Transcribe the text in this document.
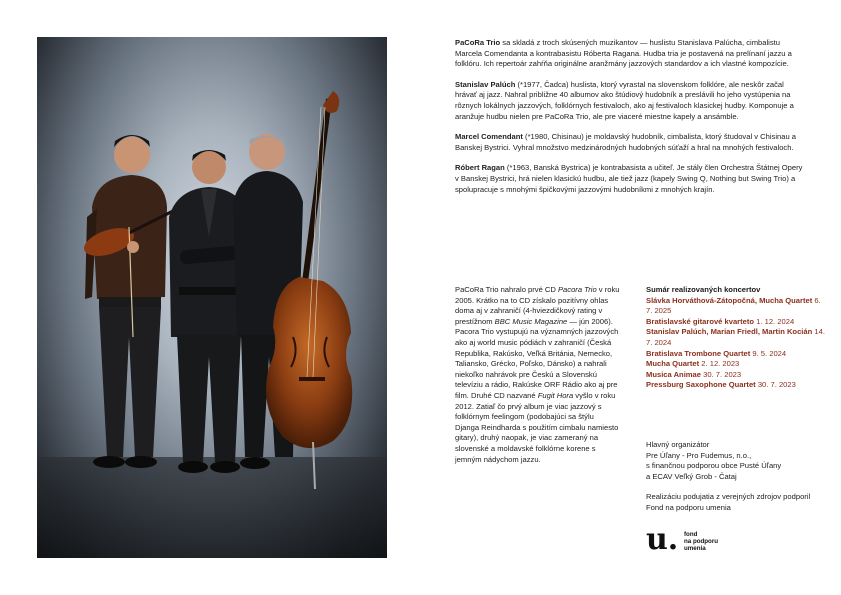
PaCoRa Trio sa skladá z troch skúsených muzikantov — huslistu Stanislava Palúcha, cimbalistu Marcela Comendanta a kontrabasistu Róberta Ragana. Hudba tria je postavená na prelínaní jazzu a folklóru. Ich repertoár zahŕňa originálne aranžmány jazzových standardov a ich vlastné kompozície.

Stanislav Palúch (*1977, Čadca) huslista, ktorý vyrastal na slovenskom folklóre, ale neskôr začal hrávať aj jazz. Nahral približne 40 albumov ako štúdiový hudobník a preslávili ho jeho vystúpenia na rôznych lokálnych jazzových, folklórnych festivaloch, ako aj festivaloch klasickej hudby. Komponuje a aranžuje hudbu nielen pre PaCoRa Trio, ale pre viaceré miestne kapely a ansámble.

Marcel Comendant (*1980, Chisinau) je moldavský hudobník, cimbalista, ktorý študoval v Chisinau a Banskej Bystrici. Vyhral množstvo medzinárodných hudobných súťaží a hral na mnohých festivaloch.

Róbert Ragan (*1963, Banská Bystrica) je kontrabasista a učiteľ. Je stály člen Orchestra Štátnej Opery v Banskej Bystrici, hrá nielen klasickú hudbu, ale tiež jazz (kapely Swing Q, Nothing but Swing Trio) a spolupracuje s mnohými špičkovými jazzovými hudobníkmi z mnohých krajín.

PaCoRa Trio nahralo prvé CD Pacora Trio v roku 2005. Krátko na to CD získalo pozitívny ohlas doma aj v zahraničí (4-hviezdičkový rating v prestížnom BBC Music Magazine — jún 2006). Pacora Trio vystupujú na významných jazzových ako aj world music pódiách v zahraničí (Česká Republika, Rakúsko, Veľká Británia, Nemecko, Taliansko, Grécko, Poľsko, Dánsko) a nahrali niekoľko nahrávok pre Českú a Slovenskú televíziu a rádio, Rakúske ORF Rádio ako aj pre film. Druhé CD nazvané Fugit Hora vyšlo v roku 2012. Zatiaľ čo prvý album je viac jazzový s folklórnym feelingom (podobajúci sa štýlu Djanga Reindharda s použitím cimbalu namiesto gitary), druhý naopak, je viac zameraný na slovenské a moldavské folklórne korene s jemným nádychom jazzu.
Sumár realizovaných koncertov
Slávka Horváthová-Zátopočná, Mucha Quartet 6. 7. 2025
Bratislavské gitarové kvarteto 1. 12. 2024
Stanislav Palúch, Marian Friedl, Martin Kocián 14. 7. 2024
Bratislava Trombone Quartet 9. 5. 2024
Mucha Quartet 2. 12. 2023
Musica Animae 30. 7. 2023
Pressburg Saxophone Quartet 30. 7. 2023

Hlavný organizátor
Pre Úľany - Pro Fudemus, n.o.,
s finančnou podporou obce Pusté Úľany
a ECAV Veľký Grob - Čataj

Realizáciu podujatia z verejných zdrojov podporil Fond na podporu umenia

u. fond
na podporu
umenia
